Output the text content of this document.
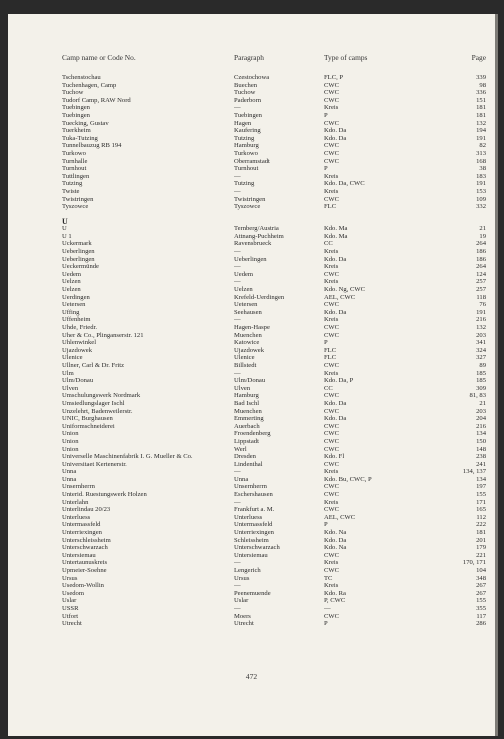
Camp name or Code No.	Paragraph	Type of camps	Page
Tschenstochau	Czestochowa	FLC, P	339
Tuchenhagen, Camp	Buechen	CWC	98
Tuchow	Tuchow	CWC	336
Tudorf Camp, RAW Nord	Paderborn	CWC	151
Tuebingen	—	Kreis	181
Tuebingen	Tuebingen	P	181
Tuecking, Gustav	Hagen	CWC	132
Tuerkheim	Kaufering	Kdo. Da	194
Tuka-Tutzing	Tutzing	Kdo. Da	191
Tunnelbauzug RB 194	Hamburg	CWC	82
Turkowo	Turkowo	CWC	313
Turnhalle	Oberramstadt	CWC	168
Turnhout	Turnhout	P	38
Tuttlingen	—	Kreis	183
Tutzing	Tutzing	Kdo. Da, CWC	191
Twiste	—	Kreis	153
Twistringen	Twistringen	CWC	109
Tyszowce	Tyszowce	FLC	332
U
U	Ternberg/Austria	Kdo. Ma	21
U 1	Attnang-Puchheim	Kdo. Ma	19
Uckermark	Ravensbrueck	CC	264
Ueberlingen	—	Kreis	186
Ueberlingen	Ueberlingen	Kdo. Da	186
Ueckermünde	—	Kreis	264
Uedem	Uedem	CWC	124
Uelzen	—	Kreis	257
Uelzen	Uelzen	Kdo. Ng, CWC	257
Uerdingen	Krefeld-Uerdingen	AEL, CWC	118
Uetersen	Uetersen	CWC	76
Uffing	Seehausen	Kdo. Da	191
Uffenheim	—	Kreis	216
Uhde, Friedr.	Hagen-Haspe	CWC	132
Uher & Co., Plinganserstr. 121	Muenchen	CWC	203
Uhlenwinkel	Katowice	P	341
Ujazdowek	Ujazdowek	FLC	324
Ulenice	Ulenice	FLC	327
Ullner, Carl & Dr. Fritz	Billstedt	CWC	89
Ulm	—	Kreis	185
Ulm/Donau	Ulm/Donau	Kdo. Da, P	185
Ulven	Ulven	CC	309
Umschulungswerk Nordmark	Hamburg	CWC	81, 83
Umsiedlungslager Ischl	Bad Ischl	Kdo. Da	21
Unzelehrt, Badenweilerstr.	Muenchen	CWC	203
UNIC, Burghausen	Emmerting	Kdo. Da	204
Uniformschneiderei	Auerbach	CWC	216
Union	Froendenberg	CWC	134
Union	Lippstadt	CWC	150
Union	Werl	CWC	148
Universelle Maschinenfabrik I. G. Mueller & Co.	Dresden	Kdo. Fl	238
Universitaet Kertenerstr.	Lindenthal	CWC	241
Unna	—	Kreis	134, 137
Unna	Unna	Kdo. Bu, CWC, P	134
Unsernherrn	Unsernherrn	CWC	197
Unterid. Ruestungswerk Holzen	Eschershausen	CWC	155
Unterlahn	—	Kreis	171
Unterlindau 20/23	Frankfurt a. M.	CWC	165
Unterluess	Unterluess	AEL, CWC	112
Untermassfeld	Untermassfeld	P	222
Unterriexingen	Unterriexingen	Kdo. Na	181
Unterschleissheim	Schleissheim	Kdo. Da	201
Unterschwarzach	Unterschwarzach	Kdo. Na	179
Untersiemau	Untersiemau	CWC	221
Untertaunuskreis	—	Kreis	170, 171
Upmeier-Soehne	Lengerich	CWC	104
Ursus	Ursus	TC	348
Usedom-Wollin	—	Kreis	267
Usedom	Peenemuende	Kdo. Ra	267
Uslar	Uslar	P, CWC	155
USSR	—	—	355
Utfort	Moers	CWC	117
Utrecht	Utrecht	P	286
472
